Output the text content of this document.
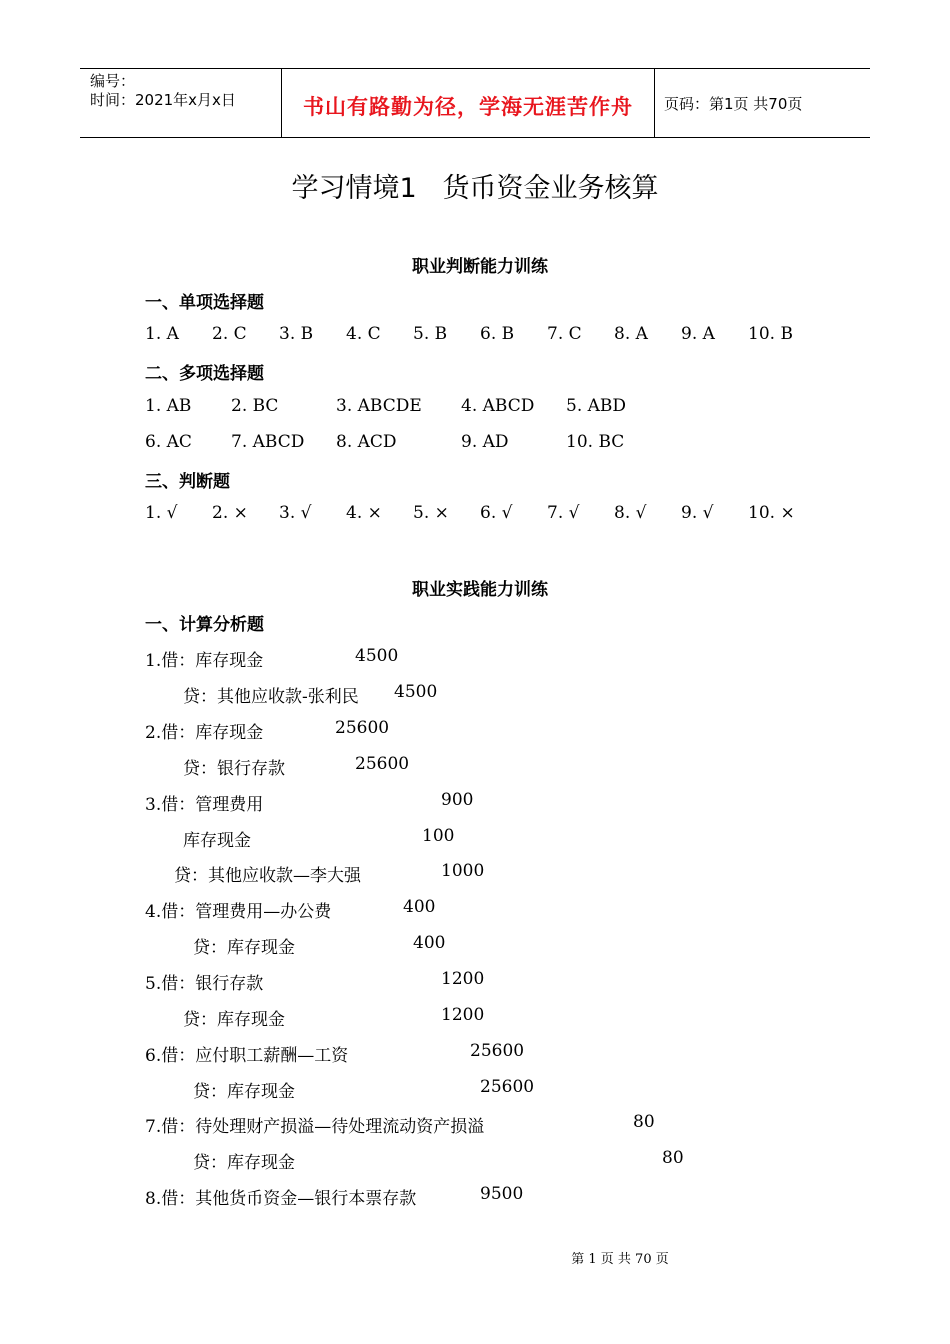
编号：
时间：2021年x月x日	书山有路勤为径，学海无涯苦作舟	页码：第1页 共70页
学习情境1   货币资金业务核算
职业判断能力训练
一、单项选择题
1. A 2. C 3. B 4. C 5. B 6. B 7. C 8. A 9. A 10. B
二、多项选择题
1. AB 2. BC	3. ABCDE 4. ABCD 5. ABD
6. AC 7. ABCD 8. ACD	9. AD	10. BC
三、判断题
1. √ 2. × 3. √ 4. × 5. × 6. √ 7. √ 8. √ 9. √ 10. ×
职业实践能力训练
一、计算分析题
1.借：库存现金	4500
贷：其他应收款-张利民 4500
2.借：库存现金	25600
贷：银行存款	25600
3.借：管理费用	900
库存现金	100
贷：其他应收款—李大强	1000
4.借：管理费用—办公费	400
贷：库存现金	400
5.借：银行存款	1200
贷：库存现金	1200
6.借：应付职工薪酬—工资	25600
贷：库存现金	25600
7.借：待处理财产损溢—待处理流动资产损溢	80
贷：库存现金	80
8.借：其他货币资金—银行本票存款	9500
第 1 页 共 70 页
